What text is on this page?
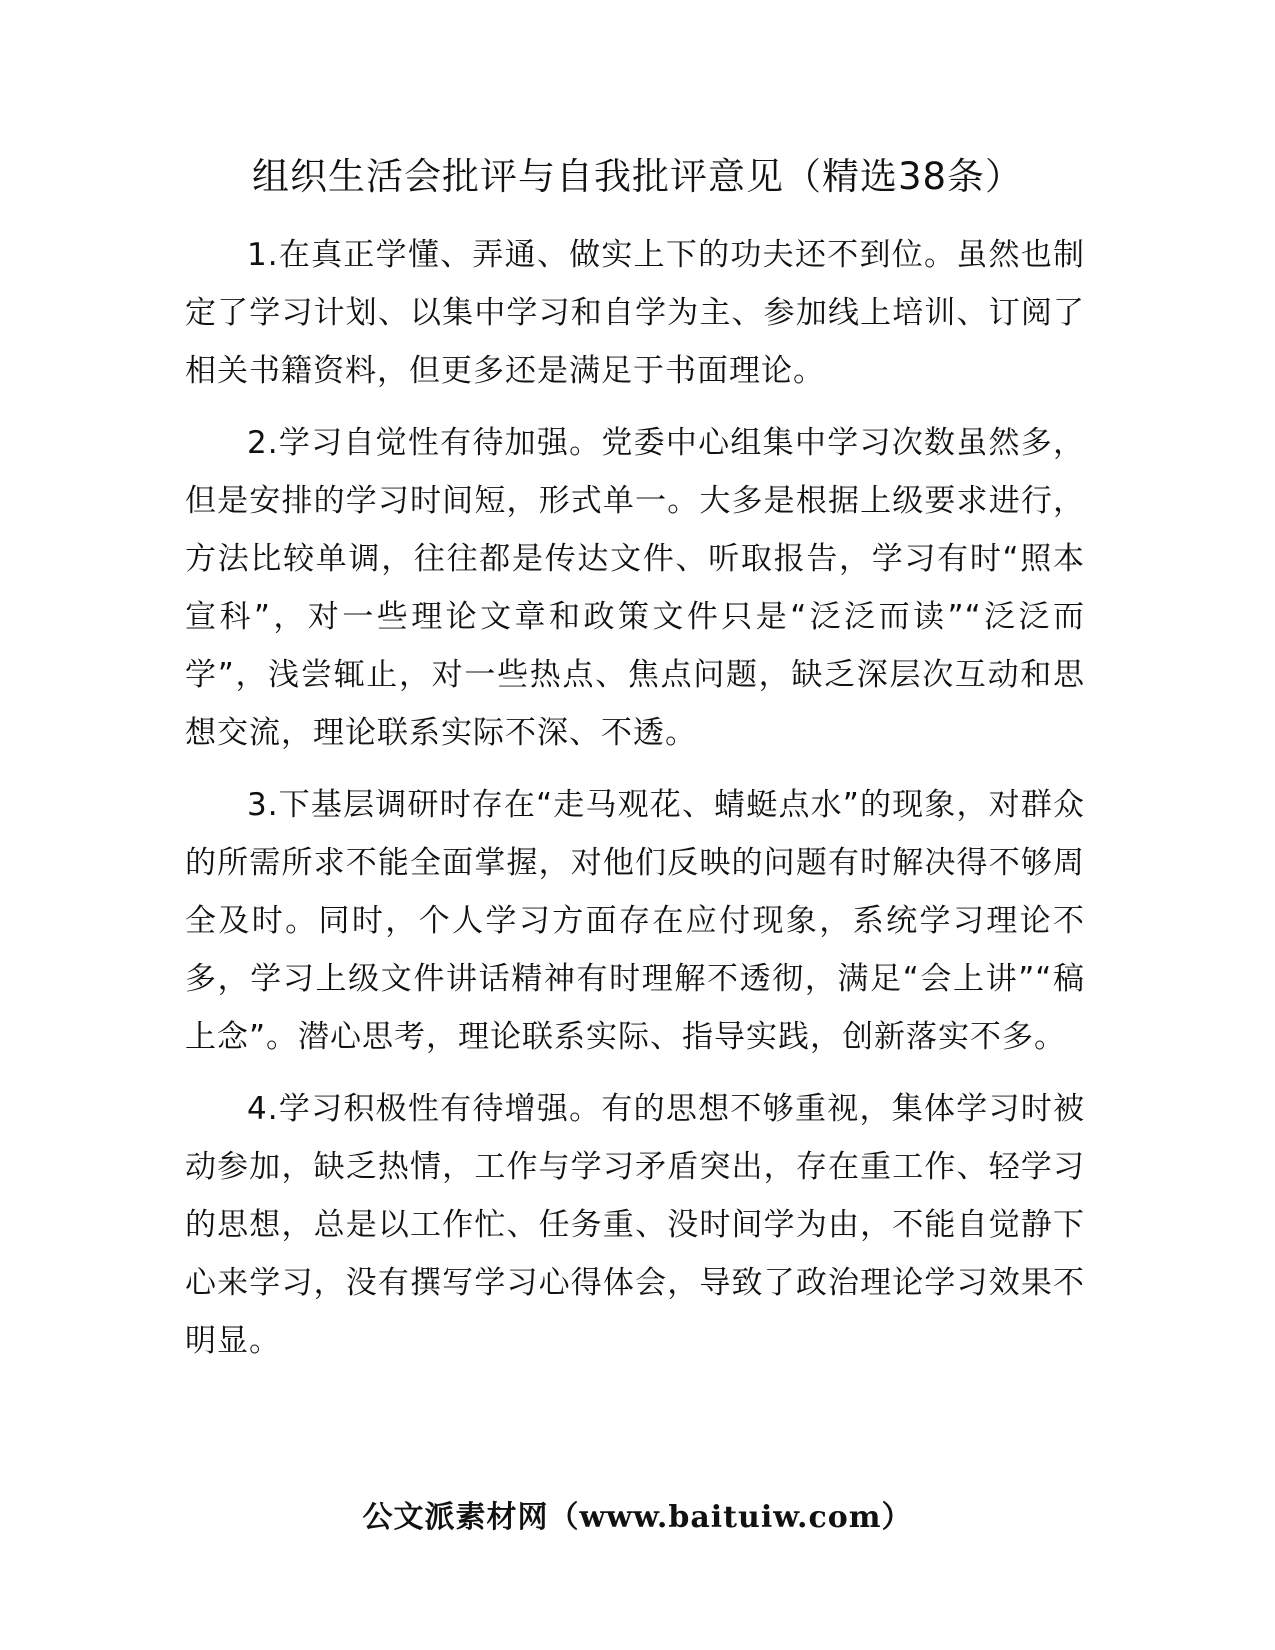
组织生活会批评与自我批评意见（精选38条）

1.在真正学懂、弄通、做实上下的功夫还不到位。虽然也制定了学习计划、以集中学习和自学为主、参加线上培训、订阅了相关书籍资料，但更多还是满足于书面理论。

2.学习自觉性有待加强。党委中心组集中学习次数虽然多，但是安排的学习时间短，形式单一。大多是根据上级要求进行，方法比较单调，往往都是传达文件、听取报告，学习有时“照本宣科”，对一些理论文章和政策文件只是“泛泛而读”“泛泛而学”，浅尝辄止，对一些热点、焦点问题，缺乏深层次互动和思想交流，理论联系实际不深、不透。

3.下基层调研时存在“走马观花、蜻蜓点水”的现象，对群众的所需所求不能全面掌握，对他们反映的问题有时解决得不够周全及时。同时，个人学习方面存在应付现象，系统学习理论不多，学习上级文件讲话精神有时理解不透彻，满足“会上讲”“稿上念”。潜心思考，理论联系实际、指导实践，创新落实不多。

4.学习积极性有待增强。有的思想不够重视，集体学习时被动参加，缺乏热情，工作与学习矛盾突出，存在重工作、轻学习的思想，总是以工作忙、任务重、没时间学为由，不能自觉静下心来学习，没有撰写学习心得体会，导致了政治理论学习效果不明显。

公文派素材网（www.baituiw.com）
